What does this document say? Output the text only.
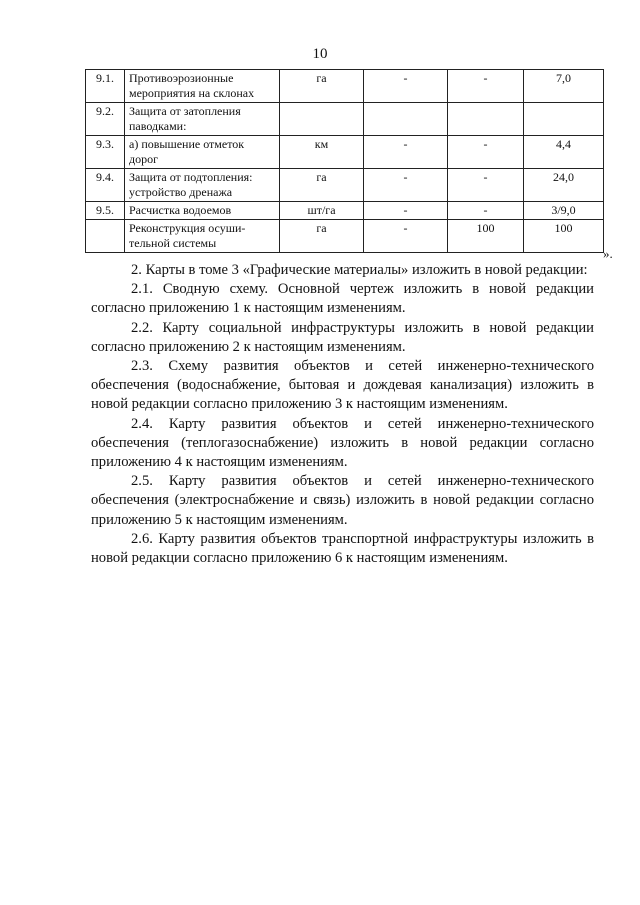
10
9.1.	Противоэрозионные мероприятия на склонах	га	-	-	7,0
9.2.	Защита от затопления паводками:				
9.3.	а) повышение отметок дорог	км	-	-	4,4
9.4.	Защита от подтопления: устройство дренажа	га	-	-	24,0
9.5.	Расчистка водоемов	шт/га	-	-	3/9,0
	Реконструкция осуши-тельной системы	га	-	100	100
».

2. Карты в томе 3 «Графические материалы» изложить в новой редакции:

2.1. Сводную схему. Основной чертеж изложить в новой редакции согласно приложению 1 к настоящим изменениям.

2.2. Карту социальной инфраструктуры изложить в новой редакции согласно приложению 2 к настоящим изменениям.

2.3. Схему развития объектов и сетей инженерно-технического обеспечения (водоснабжение, бытовая и дождевая канализация) изложить в новой редакции согласно приложению 3 к настоящим изменениям.

2.4. Карту развития объектов и сетей инженерно-технического обеспечения (теплогазоснабжение) изложить в новой редакции согласно приложению 4 к настоящим изменениям.

2.5. Карту развития объектов и сетей инженерно-технического обеспечения (электроснабжение и связь) изложить в новой редакции согласно приложению 5 к настоящим изменениям.

2.6. Карту развития объектов транспортной инфраструктуры изложить в новой редакции согласно приложению 6 к настоящим изменениям.
